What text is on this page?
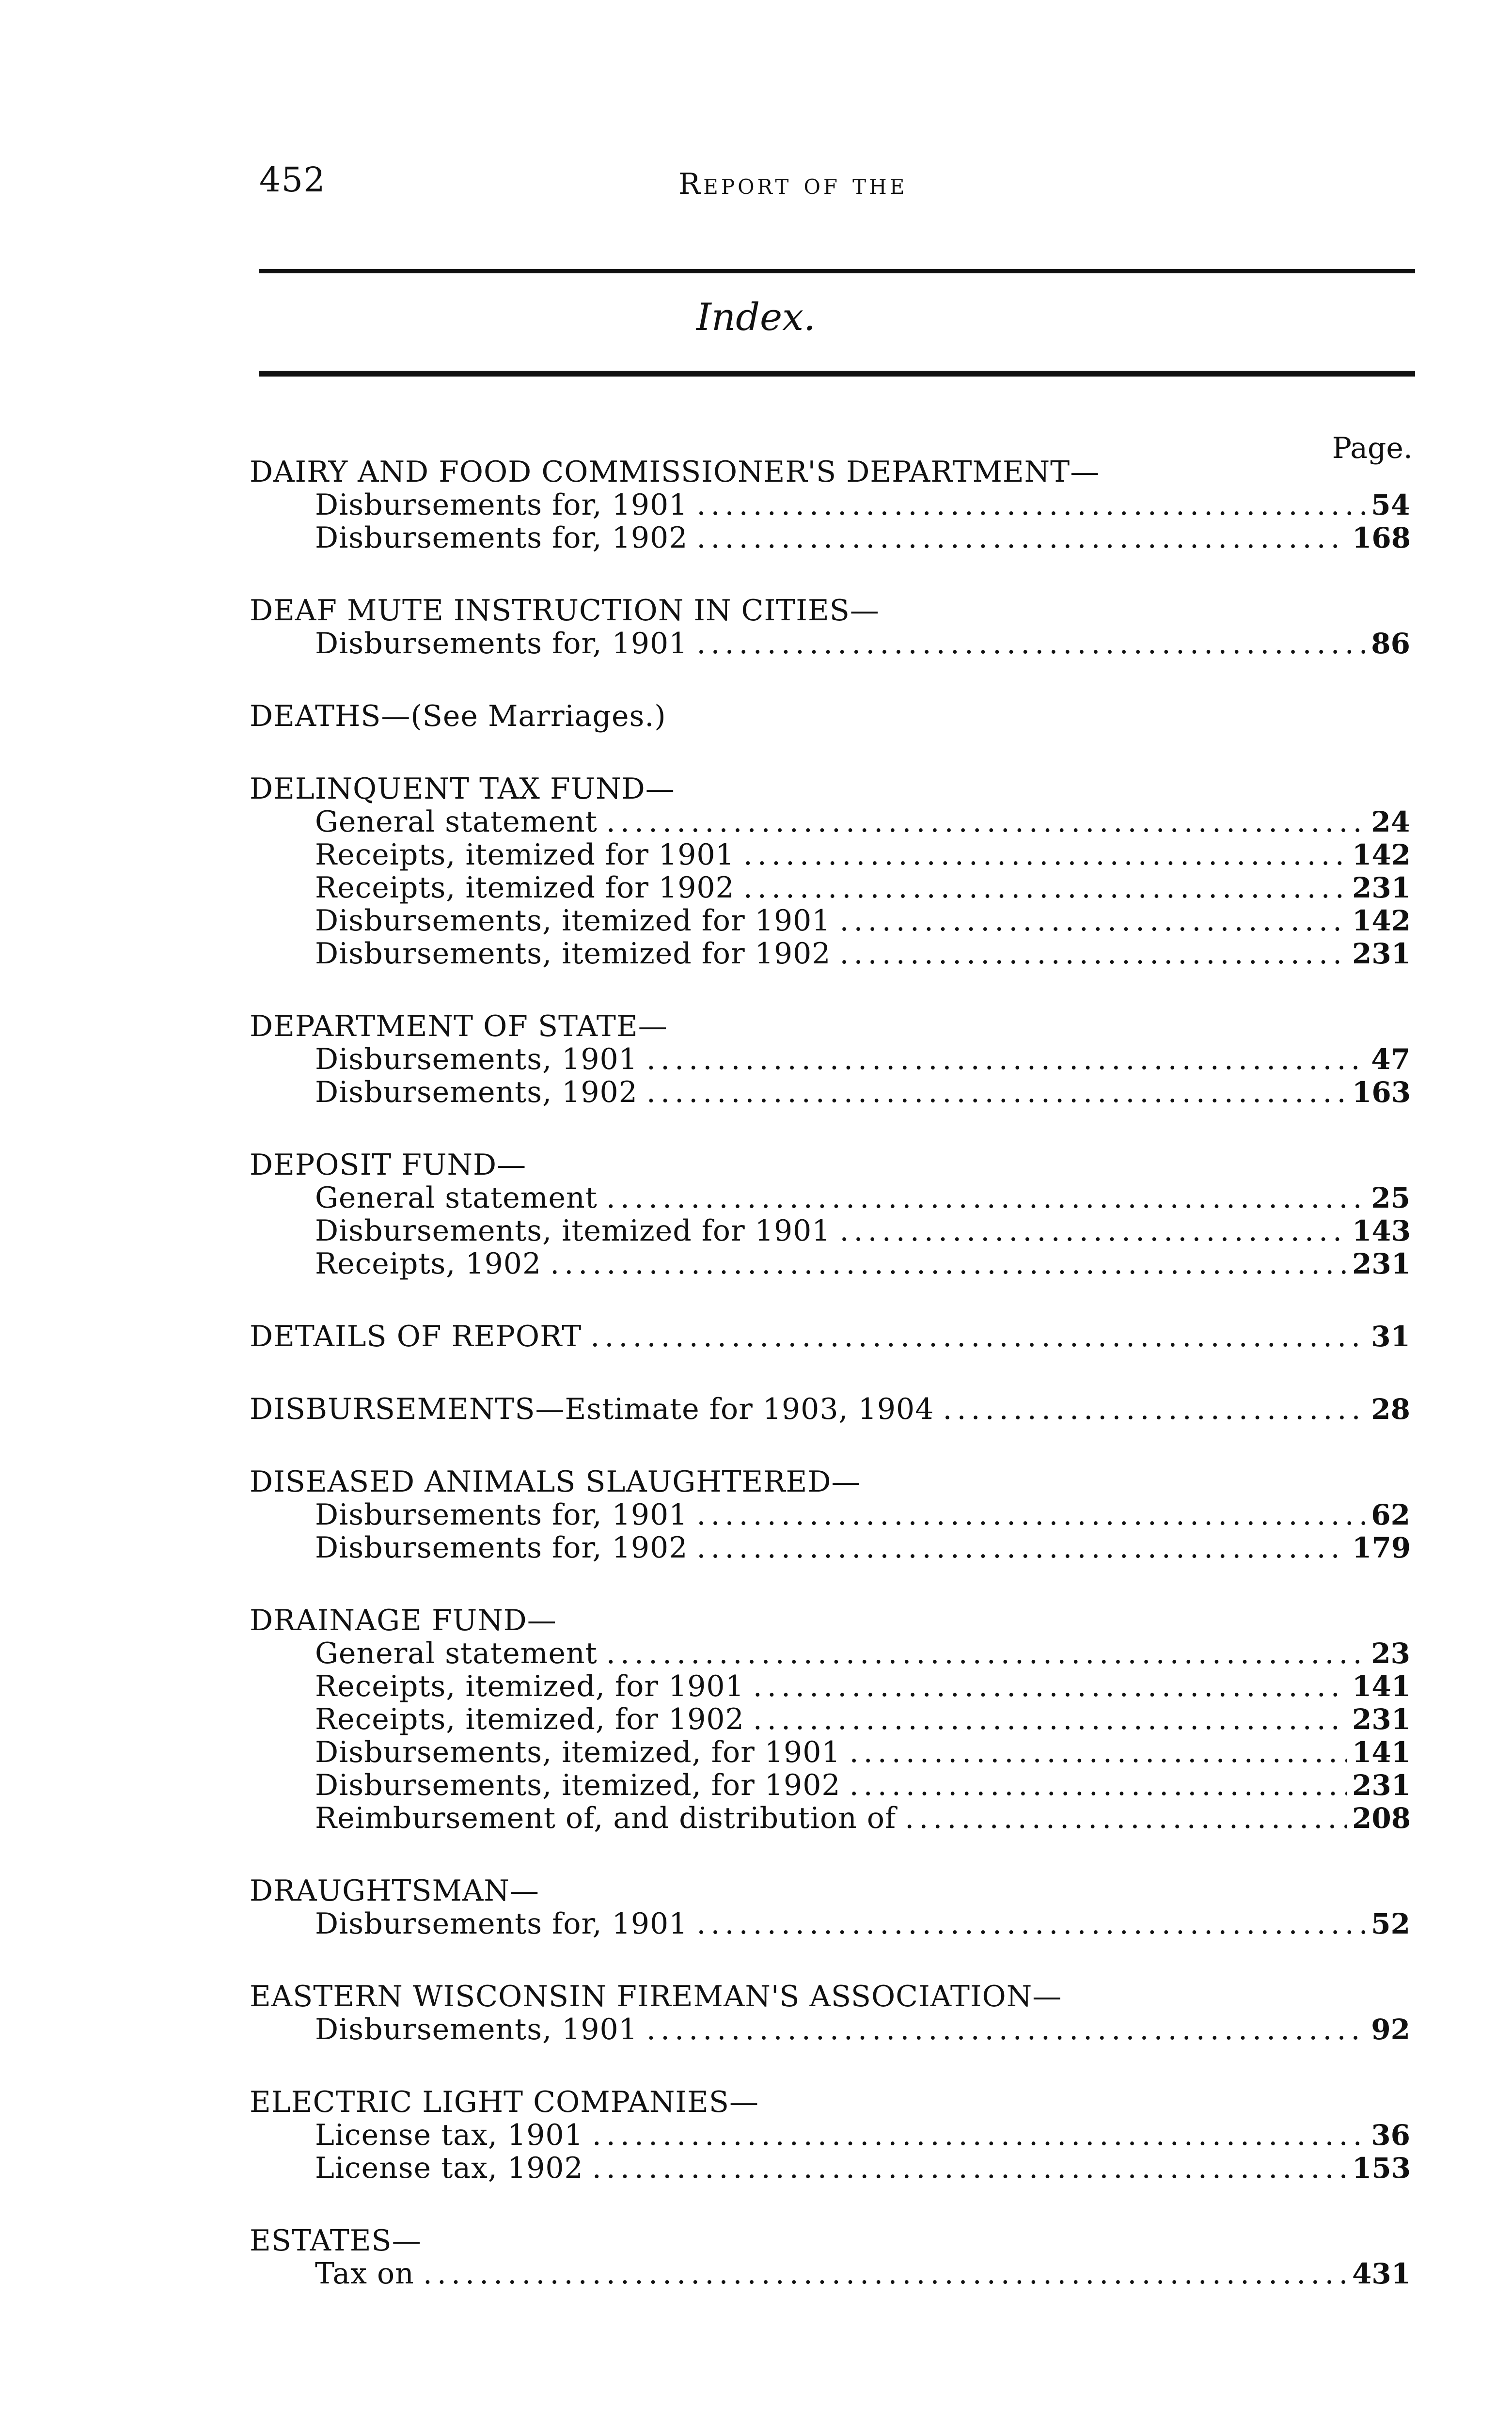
452	Report of the
Index.
Page.
DAIRY AND FOOD COMMISSIONER'S DEPARTMENT—
Disbursements for, 1901 .....	54
Disbursements for, 1902 .....	168
DEAF MUTE INSTRUCTION IN CITIES—
Disbursements for, 1901 .....	86
DEATHS—(See Marriages.)
DELINQUENT TAX FUND—
General statement .....	24
Receipts, itemized for 1901 .....	142
Receipts, itemized for 1902 .....	231
Disbursements, itemized for 1901 .....	142
Disbursements, itemized for 1902 .....	231
DEPARTMENT OF STATE—
Disbursements, 1901 .....	47
Disbursements, 1902 .....	163
DEPOSIT FUND—
General statement .....	25
Disbursements, itemized for 1901 .....	143
Receipts, 1902 .....	231
DETAILS OF REPORT .....	31
DISBURSEMENTS—Estimate for 1903, 1904 .....	28
DISEASED ANIMALS SLAUGHTERED—
Disbursements for, 1901 .....	62
Disbursements for, 1902 .....	179
DRAINAGE FUND—
General statement .....	23
Receipts, itemized, for 1901 .....	141
Receipts, itemized, for 1902 .....	231
Disbursements, itemized, for 1901 .....	141
Disbursements, itemized, for 1902 .....	231
Reimbursement of, and distribution of .....	208
DRAUGHTSMAN—
Disbursements for, 1901 .....	52
EASTERN WISCONSIN FIREMAN'S ASSOCIATION—
Disbursements, 1901 .....	92
ELECTRIC LIGHT COMPANIES—
License tax, 1901 .....	36
License tax, 1902 .....	153
ESTATES—
Tax on .....	431
